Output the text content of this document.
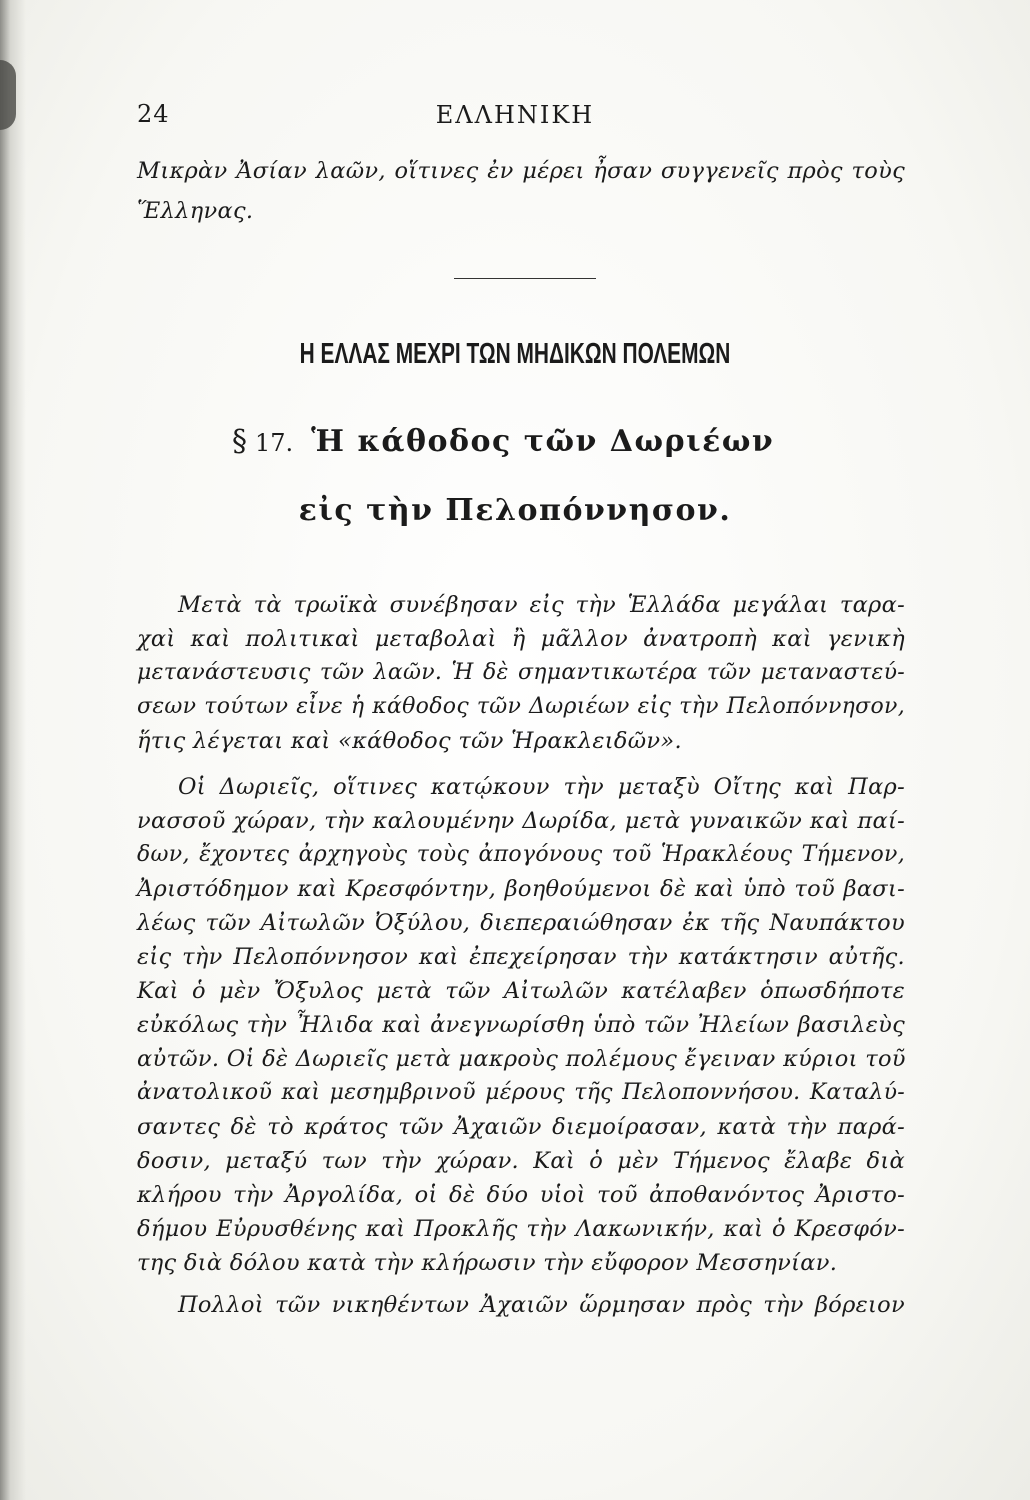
24	ΕΛΛΗΝΙΚΗ
Μικρὰν Ἀσίαν λαῶν, οἵτινες ἐν μέρει ἦσαν συγγενεῖς πρὸς τοὺς
Ἕλληνας.
Η ΕΛΛΑΣ ΜΕΧΡΙ ΤΩΝ ΜΗΔΙΚΩΝ ΠΟΛΕΜΩΝ
§ 17. Ἡ κάθοδος τῶν Δωριέων
εἰς τὴν Πελοπόννησον.
Μετὰ τὰ τρωϊκὰ συνέβησαν εἰς τὴν Ἑλλάδα μεγάλαι ταρα-
χαὶ καὶ πολιτικαὶ μεταβολαὶ ἢ μᾶλλον ἀνατροπὴ καὶ γενικὴ
μετανάστευσις τῶν λαῶν. Ἡ δὲ σημαντικωτέρα τῶν μεταναστεύ-
σεων τούτων εἶνε ἡ κάθοδος τῶν Δωριέων εἰς τὴν Πελοπόννησον,
ἥτις λέγεται καὶ «κάθοδος τῶν Ἡρακλειδῶν».
Οἱ Δωριεῖς, οἵτινες κατῴκουν τὴν μεταξὺ Οἴτης καὶ Παρ-
νασσοῦ χώραν, τὴν καλουμένην Δωρίδα, μετὰ γυναικῶν καὶ παί-
δων, ἔχοντες ἀρχηγοὺς τοὺς ἀπογόνους τοῦ Ἡρακλέους Τήμενον,
Ἀριστόδημον καὶ Κρεσφόντην, βοηθούμενοι δὲ καὶ ὑπὸ τοῦ βασι-
λέως τῶν Αἰτωλῶν Ὀξύλου, διεπεραιώθησαν ἐκ τῆς Ναυπάκτου
εἰς τὴν Πελοπόννησον καὶ ἐπεχείρησαν τὴν κατάκτησιν αὐτῆς.
Καὶ ὁ μὲν Ὄξυλος μετὰ τῶν Αἰτωλῶν κατέλαβεν ὁπωσδήποτε
εὐκόλως τὴν Ἦλιδα καὶ ἀνεγνωρίσθη ὑπὸ τῶν Ἠλείων βασιλεὺς
αὐτῶν. Οἱ δὲ Δωριεῖς μετὰ μακροὺς πολέμους ἔγειναν κύριοι τοῦ
ἀνατολικοῦ καὶ μεσημβρινοῦ μέρους τῆς Πελοποννήσου. Καταλύ-
σαντες δὲ τὸ κράτος τῶν Ἀχαιῶν διεμοίρασαν, κατὰ τὴν παρά-
δοσιν, μεταξύ των τὴν χώραν. Καὶ ὁ μὲν Τήμενος ἔλαβε διὰ
κλήρου τὴν Ἀργολίδα, οἱ δὲ δύο υἱοὶ τοῦ ἀποθανόντος Ἀριστο-
δήμου Εὐρυσθένης καὶ Προκλῆς τὴν Λακωνικήν, καὶ ὁ Κρεσφόν-
της διὰ δόλου κατὰ τὴν κλήρωσιν τὴν εὔφορον Μεσσηνίαν.
Πολλοὶ τῶν νικηθέντων Ἀχαιῶν ὥρμησαν πρὸς τὴν βόρειον
